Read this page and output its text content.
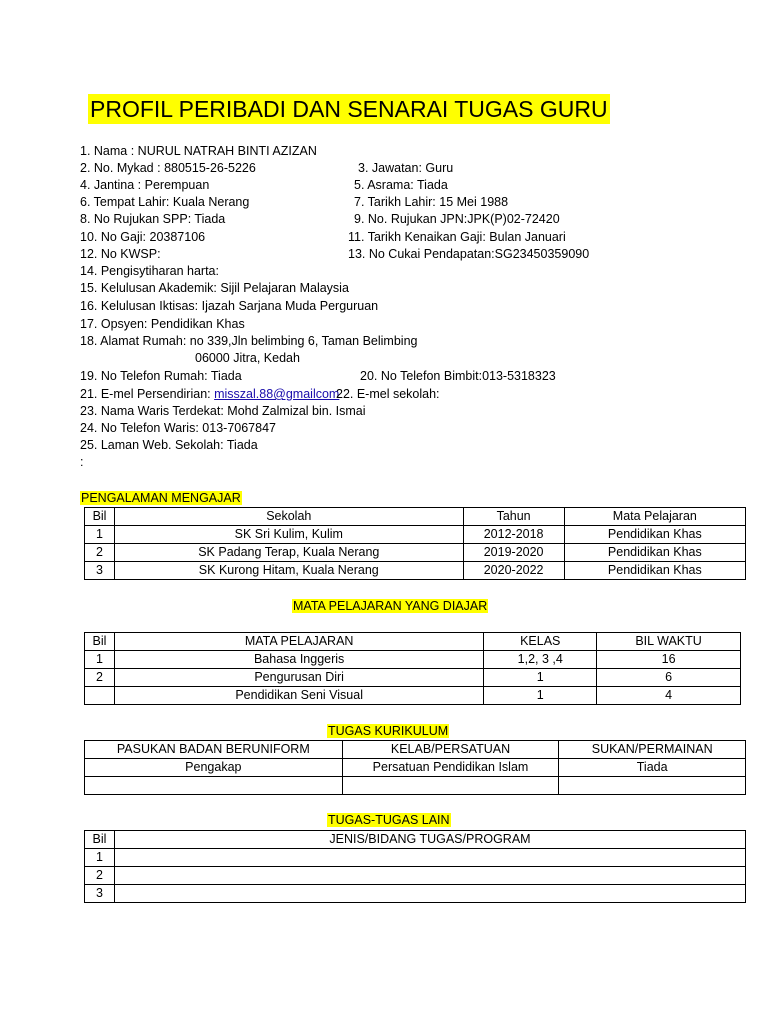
PROFIL PERIBADI DAN SENARAI TUGAS GURU
1. Nama : NURUL NATRAH BINTI AZIZAN
2. No. Mykad : 880515-26-5226	3. Jawatan: Guru
4. Jantina : Perempuan	5. Asrama: Tiada
6. Tempat Lahir: Kuala Nerang	7. Tarikh Lahir: 15 Mei 1988
8. No Rujukan SPP: Tiada	9. No. Rujukan JPN:JPK(P)02-72420
10. No Gaji: 20387106	11. Tarikh Kenaikan Gaji: Bulan Januari
12. No KWSP:	13. No Cukai Pendapatan:SG23450359090
14. Pengisytiharan harta:
15. Kelulusan Akademik: Sijil Pelajaran Malaysia
16. Kelulusan Iktisas: Ijazah Sarjana Muda Perguruan
17. Opsyen: Pendidikan Khas
18. Alamat Rumah: no 339,Jln belimbing 6, Taman Belimbing
06000 Jitra, Kedah
19. No Telefon Rumah: Tiada	20. No Telefon Bimbit:013-5318323
21. E-mel Persendirian: misszal.88@gmailcom
22. E-mel sekolah:
23. Nama Waris Terdekat: Mohd Zalmizal bin. Ismai
24. No Telefon Waris: 013-7067847
25. Laman Web. Sekolah: Tiada
:
PENGALAMAN MENGAJAR
Bil	Sekolah	Tahun	Mata Pelajaran
1	SK Sri Kulim, Kulim	2012-2018	Pendidikan Khas
2	SK Padang Terap, Kuala Nerang	2019-2020	Pendidikan Khas
3	SK Kurong Hitam, Kuala Nerang	2020-2022	Pendidikan Khas
MATA PELAJARAN YANG DIAJAR
Bil	MATA PELAJARAN	KELAS	BIL WAKTU
1	Bahasa Inggeris	1,2, 3 ,4	16
2	Pengurusan Diri	1	6
	Pendidikan Seni Visual	1	4
TUGAS KURIKULUM
PASUKAN BADAN BERUNIFORM	KELAB/PERSATUAN	SUKAN/PERMAINAN
Pengakap	Persatuan Pendidikan Islam	Tiada

TUGAS-TUGAS LAIN
Bil	JENIS/BIDANG TUGAS/PROGRAM
1	
2	
3	
